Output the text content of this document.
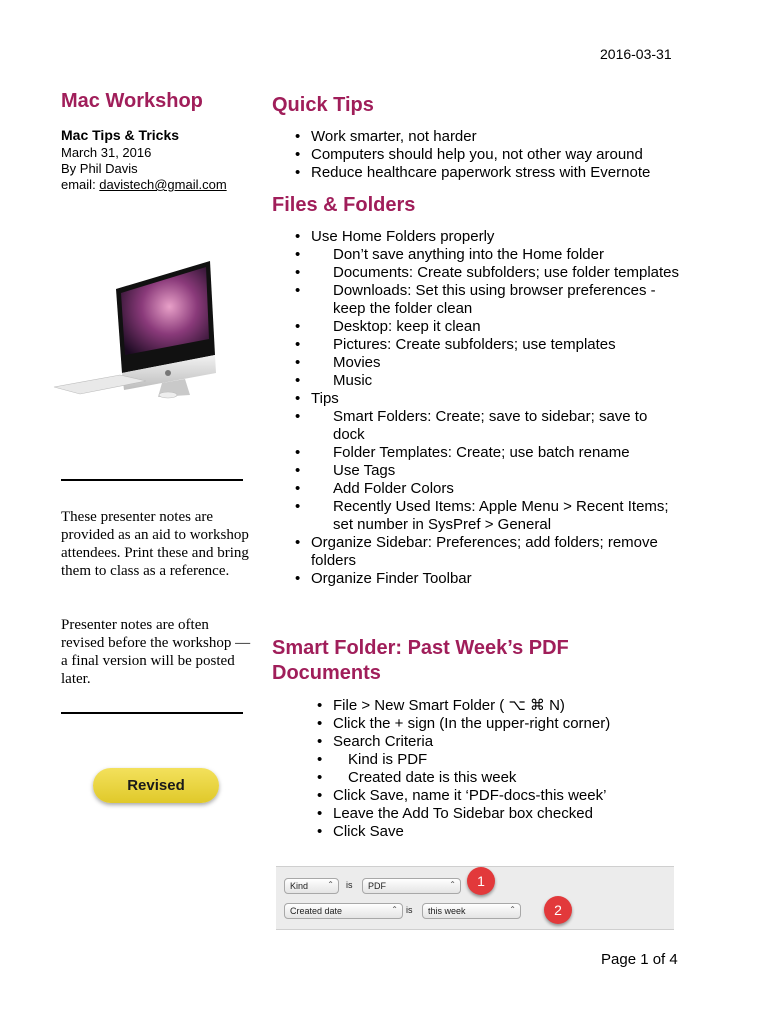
2016-03-31
Mac Workshop
Mac Tips & Tricks
March 31, 2016
By Phil Davis
email: davistech@gmail.com
These presenter notes are provided as an aid to workshop attendees. Print these and bring them to class as a reference.
Presenter notes are often revised before the workshop — a final version will be posted later.
Revised
Quick Tips
• Work smarter, not harder
• Computers should help you, not other way around
• Reduce healthcare paperwork stress with Evernote
Files & Folders
• Use Home Folders properly
• Don’t save anything into the Home folder
• Documents: Create subfolders; use folder templates
• Downloads: Set this using browser preferences - keep the folder clean
• Desktop: keep it clean
• Pictures: Create subfolders; use templates
• Movies
• Music
• Tips
• Smart Folders: Create; save to sidebar; save to dock
• Folder Templates: Create; use batch rename
• Use Tags
• Add Folder Colors
• Recently Used Items: Apple Menu > Recent Items; set number in SysPref > General
• Organize Sidebar: Preferences; add folders; remove folders
• Organize Finder Toolbar
Smart Folder: Past Week’s PDF Documents
• File > New Smart Folder ( ⌥ ⌘ N)
• Click the + sign (In the upper-right corner)
• Search Criteria
• Kind is PDF
• Created date is this week
• Click Save, name it ‘PDF-docs-this week’
• Leave the Add To Sidebar box checked
• Click Save
Kind ⌃	is	PDF ⌃
Created date ⌃	is	this week ⌃
1
2
Page 1 of 4
